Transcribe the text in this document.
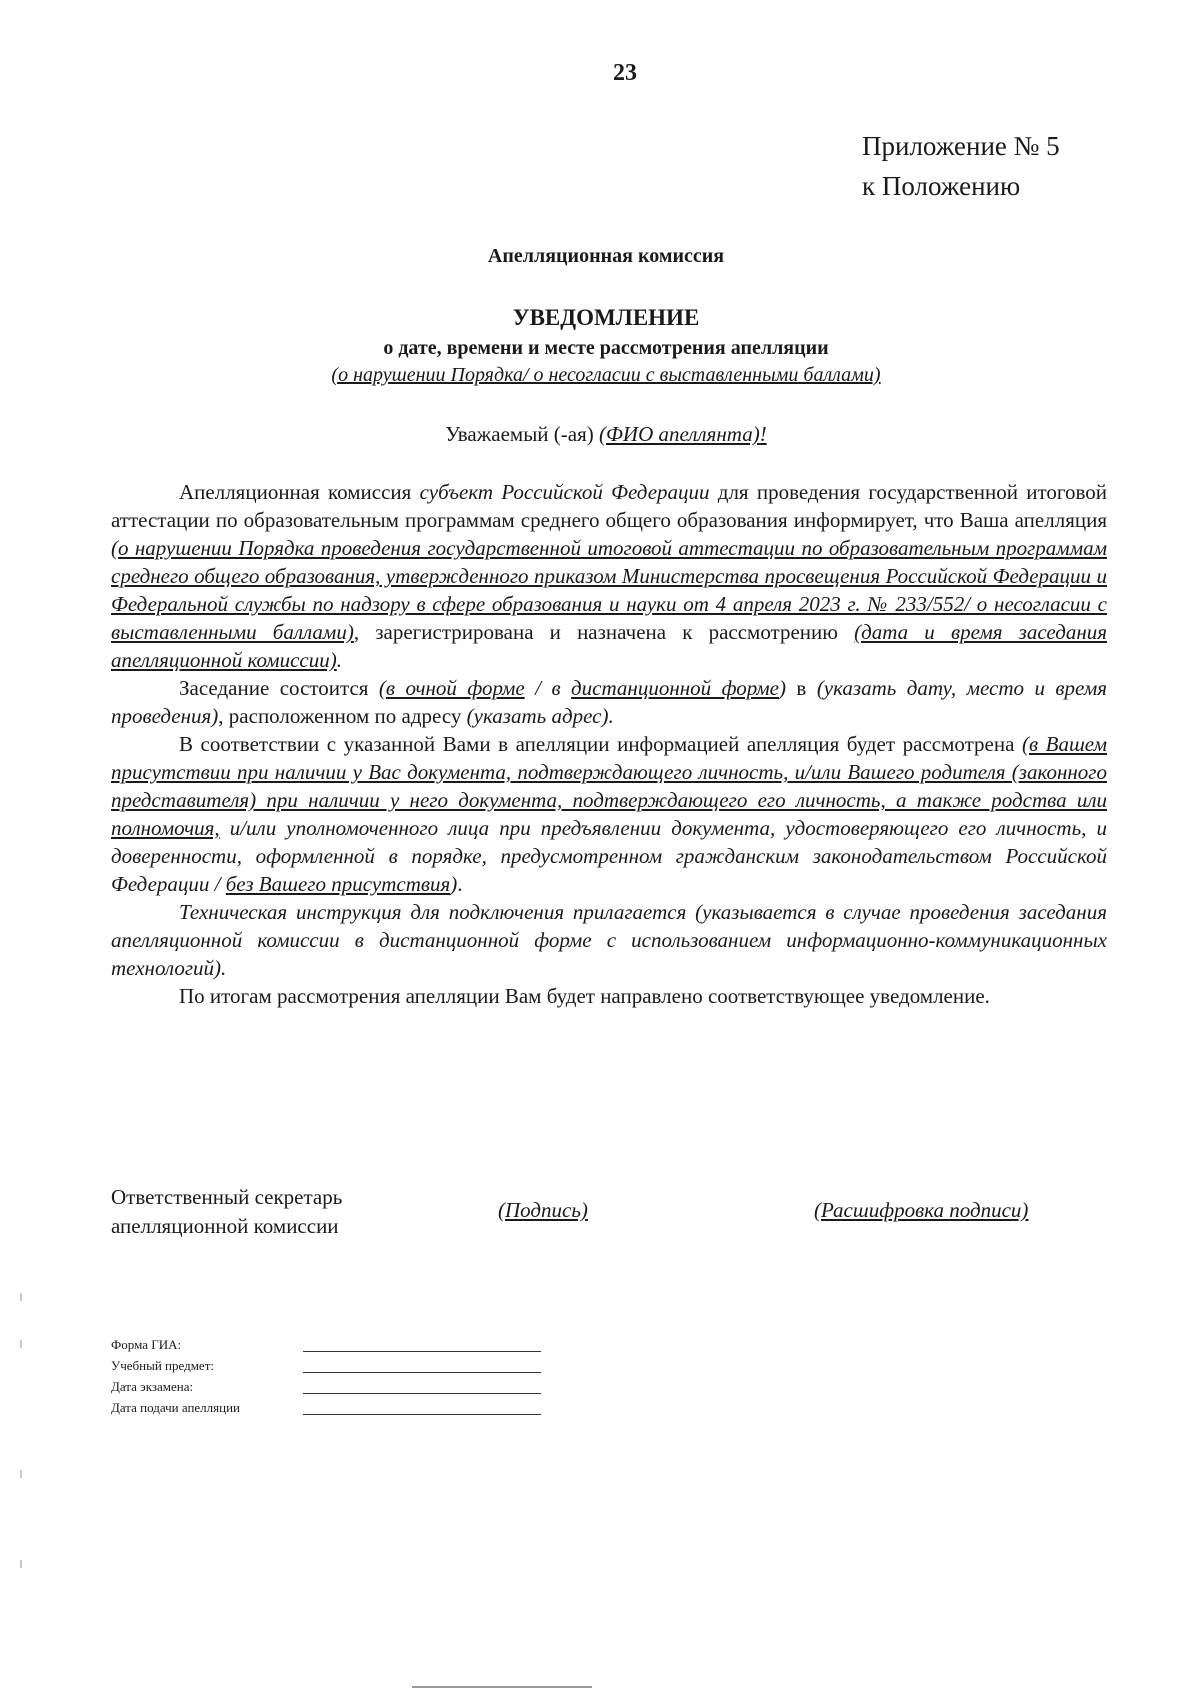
23
Приложение № 5
к Положению
Апелляционная комиссия
УВЕДОМЛЕНИЕ
о дате, времени и месте рассмотрения апелляции
(о нарушении Порядка/ о несогласии с выставленными баллами)
Уважаемый (-ая) (ФИО апеллянта)!

Апелляционная комиссия субъект Российской Федерации для проведения государственной итоговой аттестации по образовательным программам среднего общего образования информирует, что Ваша апелляция (о нарушении Порядка проведения государственной итоговой аттестации по образовательным программам среднего общего образования, утвержденного приказом Министерства просвещения Российской Федерации и Федеральной службы по надзору в сфере образования и науки от 4 апреля 2023 г. № 233/552/ о несогласии с выставленными баллами), зарегистрирована и назначена к рассмотрению (дата и время заседания апелляционной комиссии).

Заседание состоится (в очной форме / в дистанционной форме) в (указать дату, место и время проведения), расположенном по адресу (указать адрес).

В соответствии с указанной Вами в апелляции информацией апелляция будет рассмотрена (в Вашем присутствии при наличии у Вас документа, подтверждающего личность, и/или Вашего родителя (законного представителя) при наличии у него документа, подтверждающего его личность, а также родства или полномочия, и/или уполномоченного лица при предъявлении документа, удостоверяющего его личность, и доверенности, оформленной в порядке, предусмотренном гражданским законодательством Российской Федерации / без Вашего присутствия).

Техническая инструкция для подключения прилагается (указывается в случае проведения заседания апелляционной комиссии в дистанционной форме с использованием информационно-коммуникационных технологий).

По итогам рассмотрения апелляции Вам будет направлено соответствующее уведомление.

Ответственный секретарь
апелляционной комиссии
(Подпись)	(Расшифровка подписи)
Форма ГИА:
Учебный предмет:
Дата экзамена:
Дата подачи апелляции
